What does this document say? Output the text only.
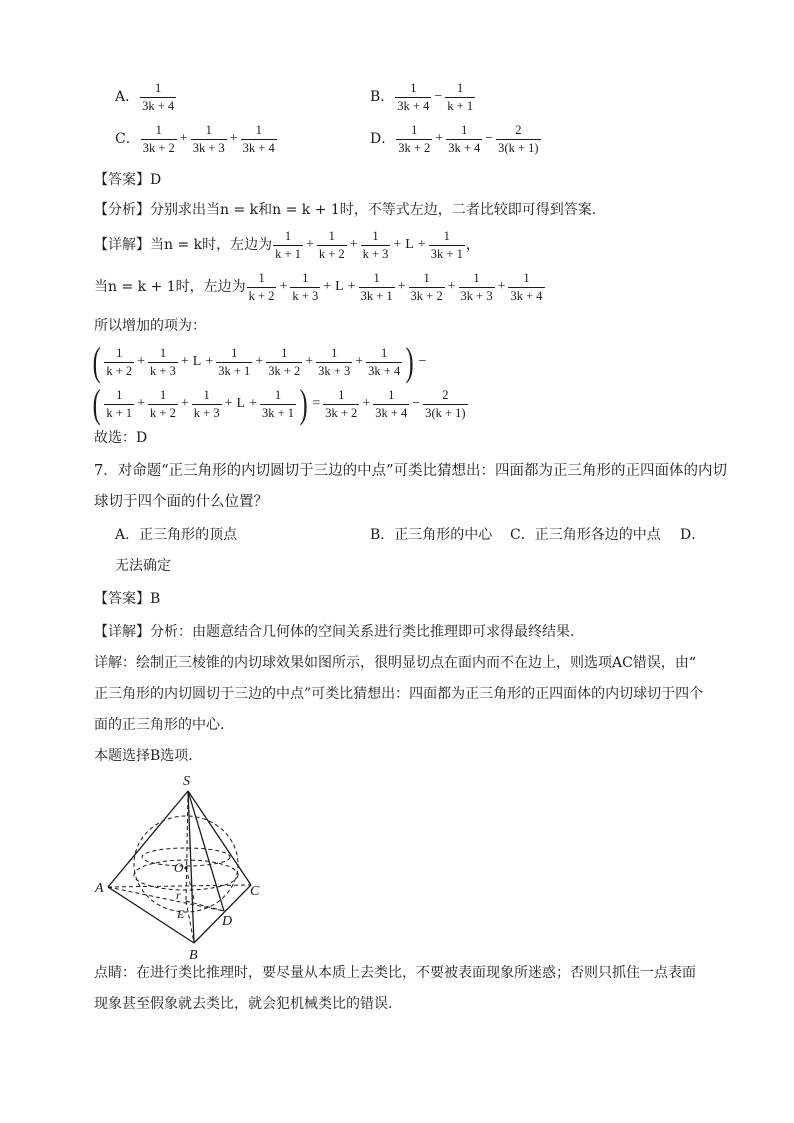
A． $\frac{1}{3k + 4}$	B． $\frac{1}{3k + 4} - \frac{1}{k + 1}$
C． $\frac{1}{3k + 2} + \frac{1}{3k + 3} + \frac{1}{3k + 4}$	D． $\frac{1}{3k + 2} + \frac{1}{3k + 4} - \frac{2}{3(k + 1)}$
【答案】D
【分析】分别求出当n = k和n = k + 1时，不等式左边，二者比较即可得到答案.
【详解】 当n = k时，左边为 $\frac{1}{k + 1} + \frac{1}{k + 2} + \frac{1}{k + 3} + L + \frac{1}{3k + 1}$ ，
当n = k + 1时，左边为 $\frac{1}{k + 2} + \frac{1}{k + 3} + L + \frac{1}{3k + 1} + \frac{1}{3k + 2} + \frac{1}{3k + 3} + \frac{1}{3k + 4}$
所以增加的项为：
( $\frac{1}{k + 2} + \frac{1}{k + 3} + L + \frac{1}{3k + 1} + \frac{1}{3k + 2} + \frac{1}{3k + 3} + \frac{1}{3k + 4}$ ) −
( $\frac{1}{k + 1} + \frac{1}{k + 2} + \frac{1}{k + 3} + L + \frac{1}{3k + 1}$ ) = $\frac{1}{3k + 2} + \frac{1}{3k + 4} - \frac{2}{3(k + 1)}$
故选：D
7．对命题“正三角形的内切圆切于三边的中点”可类比猜想出：四面都为正三角形的正四面体的内切
球切于四个面的什么位置？
A．正三角形的顶点	B．正三角形的中心 C．正三角形各边的中点 D．
无法确定
【答案】B
【详解】分析：由题意结合几何体的空间关系进行类比推理即可求得最终结果.
详解：绘制正三棱锥的内切球效果如图所示，很明显切点在面内而不在边上，则选项AC错误，由“
正三角形的内切圆切于三边的中点”可类比猜想出：四面都为正三角形的正四面体的内切球切于四个
面的正三角形的中心.
本题选择B选项.
S
A
B
C
D
E
O
r
点睛：在进行类比推理时，要尽量从本质上去类比，不要被表面现象所迷惑；否则只抓住一点表面
现象甚至假象就去类比，就会犯机械类比的错误.
